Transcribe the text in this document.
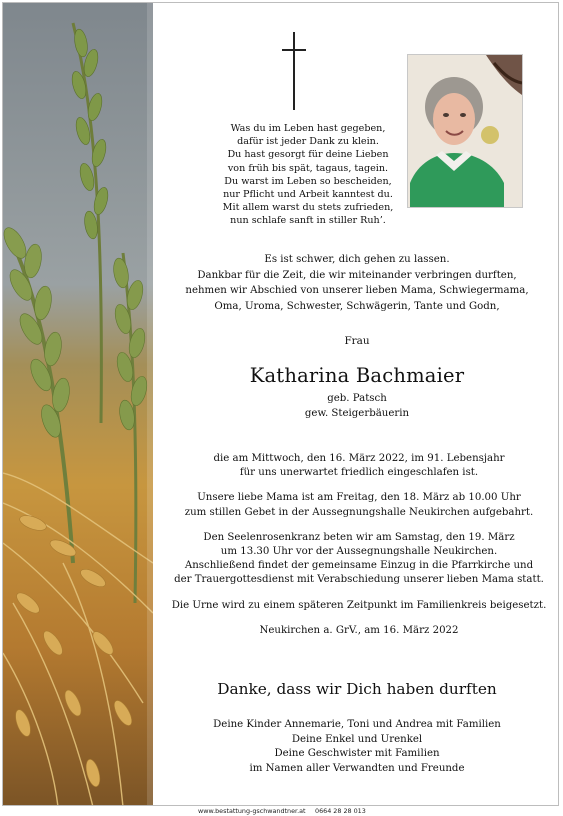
Was du im Leben hast gegeben,
dafür ist jeder Dank zu klein.
Du hast gesorgt für deine Lieben
von früh bis spät, tagaus, tagein.
Du warst im Leben so bescheiden,
nur Pflicht und Arbeit kanntest du.
Mit allem warst du stets zufrieden,
nun schlafe sanft in stiller Ruh’.
Es ist schwer, dich gehen zu lassen.
Dankbar für die Zeit, die wir miteinander verbringen durften,
nehmen wir Abschied von unserer lieben Mama, Schwiegermama,
Oma, Uroma, Schwester, Schwägerin, Tante und Godn,
Frau
Katharina Bachmaier
geb. Patsch
gew. Steigerbäuerin

die am Mittwoch, den 16. März 2022, im 91. Lebensjahr
für uns unerwartet friedlich eingeschlafen ist.

Unsere liebe Mama ist am Freitag, den 18. März ab 10.00 Uhr
zum stillen Gebet in der Aussegnungshalle Neukirchen aufgebahrt.

Den Seelenrosenkranz beten wir am Samstag, den 19. März
um 13.30 Uhr vor der Aussegnungshalle Neukirchen.
Anschließend findet der gemeinsame Einzug in die Pfarrkirche und
der Trauergottesdienst mit Verabschiedung unserer lieben Mama statt.

Die Urne wird zu einem späteren Zeitpunkt im Familienkreis beigesetzt.

Neukirchen a. GrV., am 16. März 2022

Danke, dass wir Dich haben durften
Deine Kinder Annemarie, Toni und Andrea mit Familien
Deine Enkel und Urenkel
Deine Geschwister mit Familien
im Namen aller Verwandten und Freunde
www.bestattung-gschwandtner.at 0664 28 28 013
